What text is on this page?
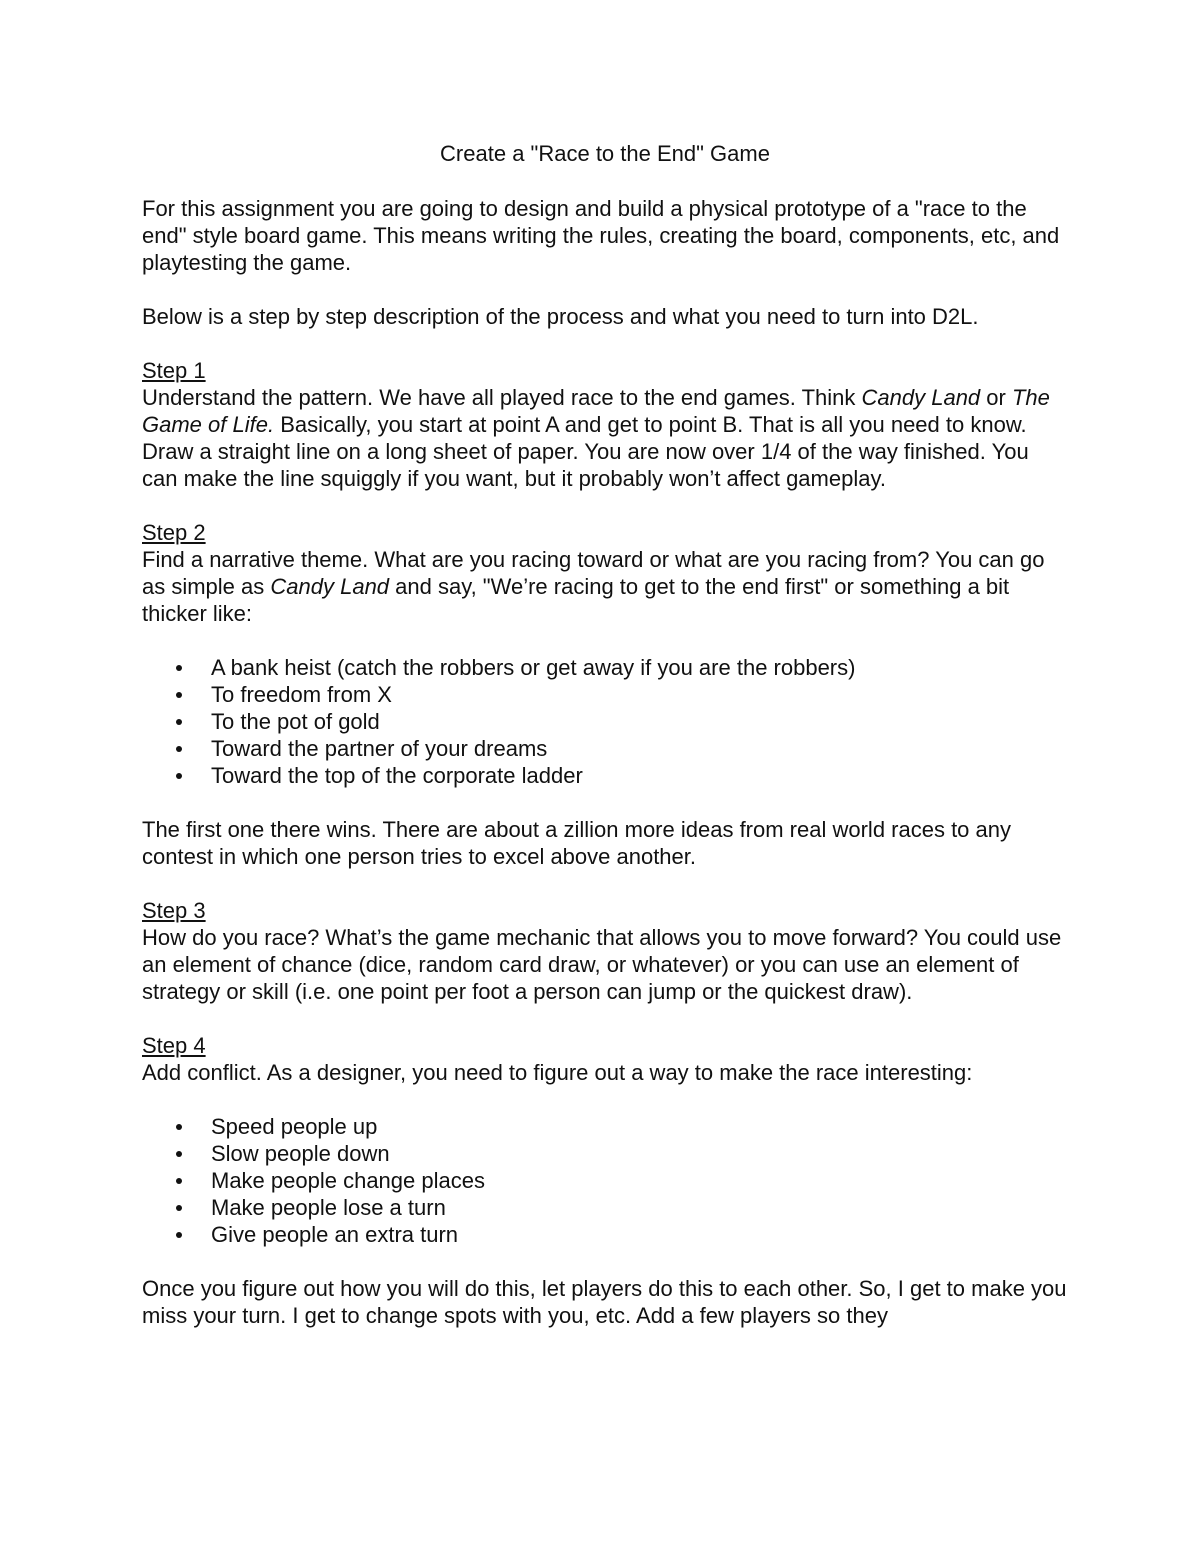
Create a "Race to the End" Game

For this assignment you are going to design and build a physical prototype of a "race to the end" style board game. This means writing the rules, creating the board, components, etc, and playtesting the game.

Below is a step by step description of the process and what you need to turn into D2L.

Step 1
Understand the pattern. We have all played race to the end games. Think Candy Land or The Game of Life. Basically, you start at point A and get to point B. That is all you need to know. Draw a straight line on a long sheet of paper. You are now over 1/4 of the way finished. You can make the line squiggly if you want, but it probably won’t affect gameplay.

Step 2
Find a narrative theme. What are you racing toward or what are you racing from? You can go as simple as Candy Land and say, "We’re racing to get to the end first" or something a bit thicker like:

A bank heist (catch the robbers or get away if you are the robbers)
To freedom from X
To the pot of gold
Toward the partner of your dreams
Toward the top of the corporate ladder

The first one there wins. There are about a zillion more ideas from real world races to any contest in which one person tries to excel above another.

Step 3
How do you race? What’s the game mechanic that allows you to move forward? You could use an element of chance (dice, random card draw, or whatever) or you can use an element of strategy or skill (i.e. one point per foot a person can jump or the quickest draw).

Step 4
Add conflict. As a designer, you need to figure out a way to make the race interesting:

Speed people up
Slow people down
Make people change places
Make people lose a turn
Give people an extra turn

Once you figure out how you will do this, let players do this to each other. So, I get to make you miss your turn. I get to change spots with you, etc. Add a few players so they
